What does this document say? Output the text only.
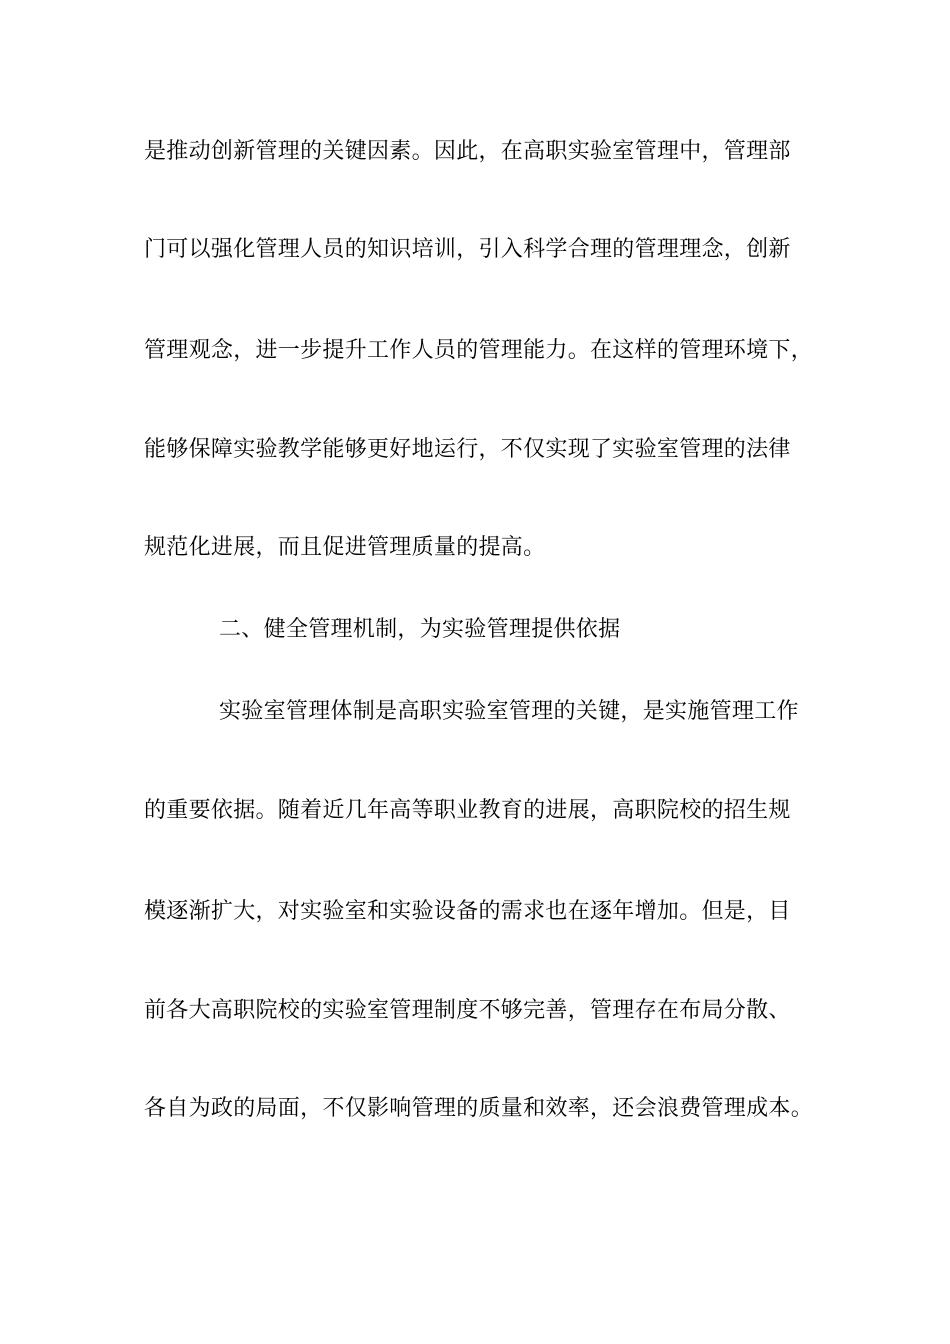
是推动创新管理的关键因素。因此，在高职实验室管理中，管理部
门可以强化管理人员的知识培训，引入科学合理的管理理念，创新
管理观念，进一步提升工作人员的管理能力。在这样的管理环境下，
能够保障实验教学能够更好地运行，不仅实现了实验室管理的法律
规范化进展，而且促进管理质量的提高。
二、健全管理机制，为实验管理提供依据
实验室管理体制是高职实验室管理的关键，是实施管理工作
的重要依据。随着近几年高等职业教育的进展，高职院校的招生规
模逐渐扩大，对实验室和实验设备的需求也在逐年增加。但是，目
前各大高职院校的实验室管理制度不够完善，管理存在布局分散、
各自为政的局面，不仅影响管理的质量和效率，还会浪费管理成本。
